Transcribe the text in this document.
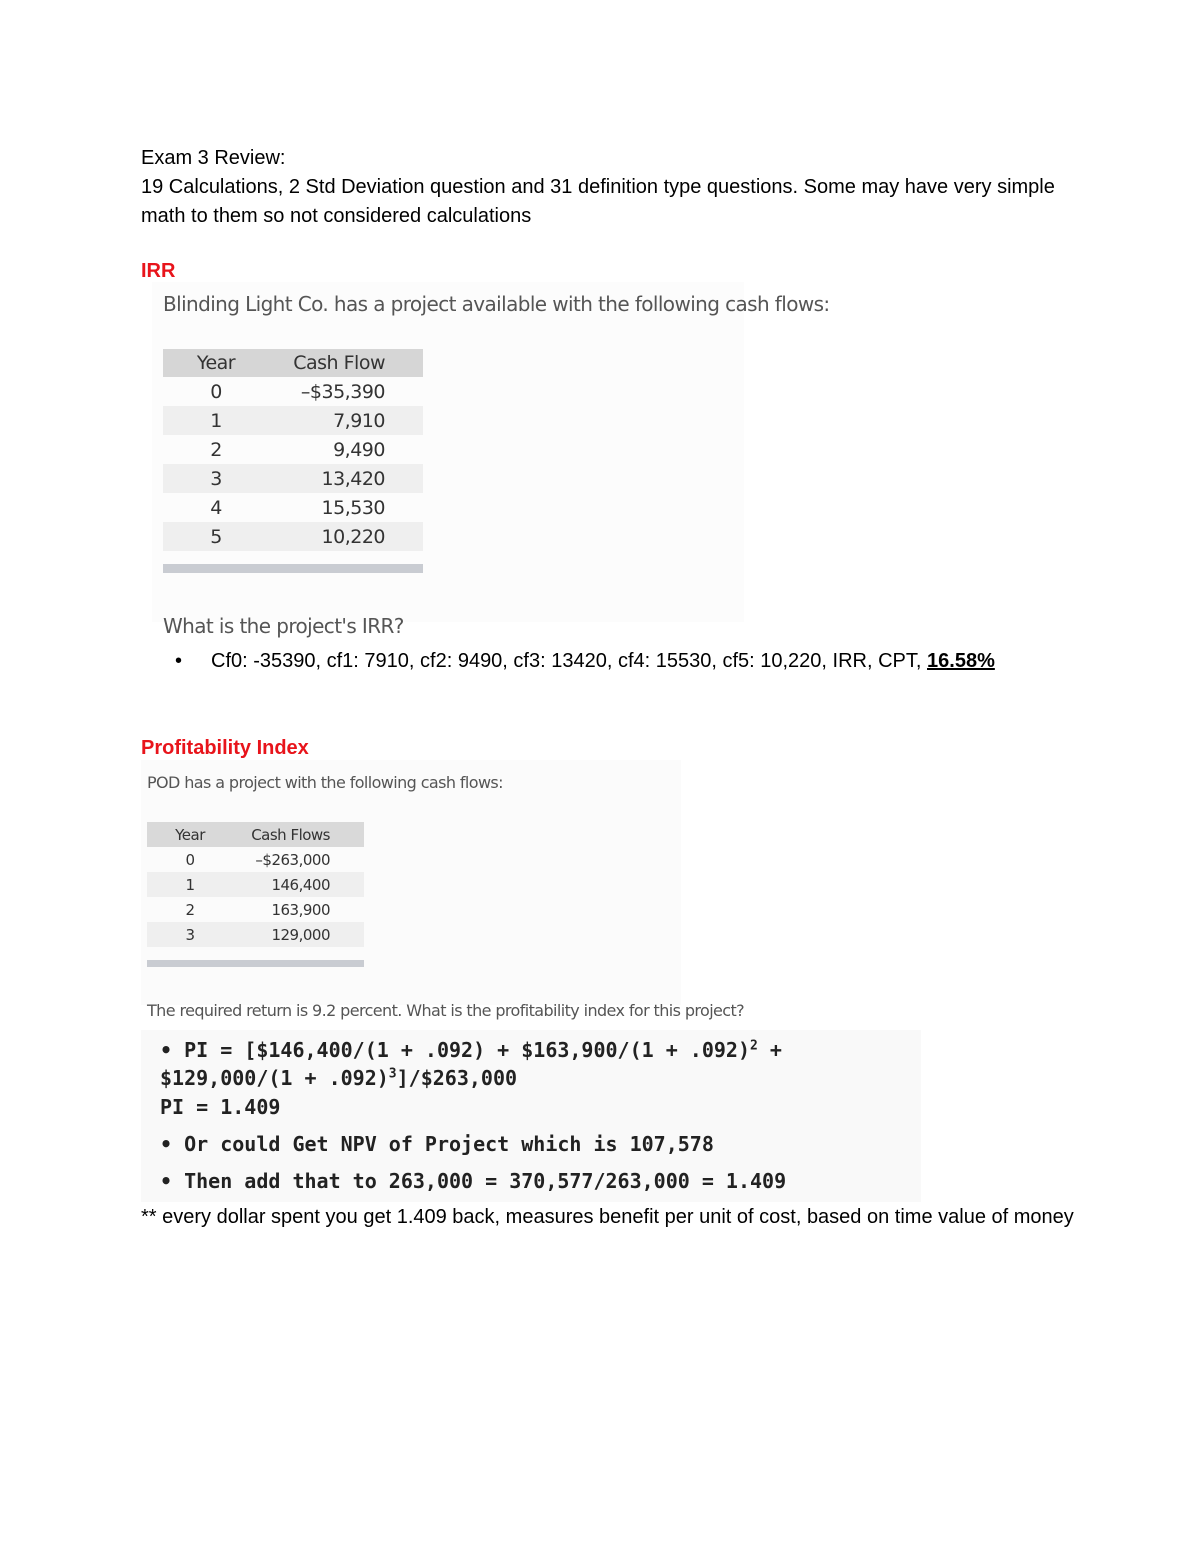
Exam 3 Review:
19 Calculations, 2 Std Deviation question and 31 definition type questions. Some may have very simple math to them so not considered calculations
IRR
Blinding Light Co. has a project available with the following cash flows:
Year	Cash Flow
0	–$35,390
1	7,910
2	9,490
3	13,420
4	15,530
5	10,220
What is the project's IRR?
• Cf0: -35390, cf1: 7910, cf2: 9490, cf3: 13420, cf4: 15530, cf5: 10,220, IRR, CPT, 16.58%
Profitability Index
POD has a project with the following cash flows:
Year	Cash Flows
0	–$263,000
1	146,400
2	163,900
3	129,000
The required return is 9.2 percent. What is the profitability index for this project?
• PI = [$146,400/(1 + .092) + $163,900/(1 + .092)$^2$ +
$129,000/(1 + .092)$^3$]/$263,000
PI = 1.409
• Or could Get NPV of Project which is 107,578
• Then add that to 263,000 = 370,577/263,000 = 1.409
** every dollar spent you get 1.409 back, measures benefit per unit of cost, based on time value of money
